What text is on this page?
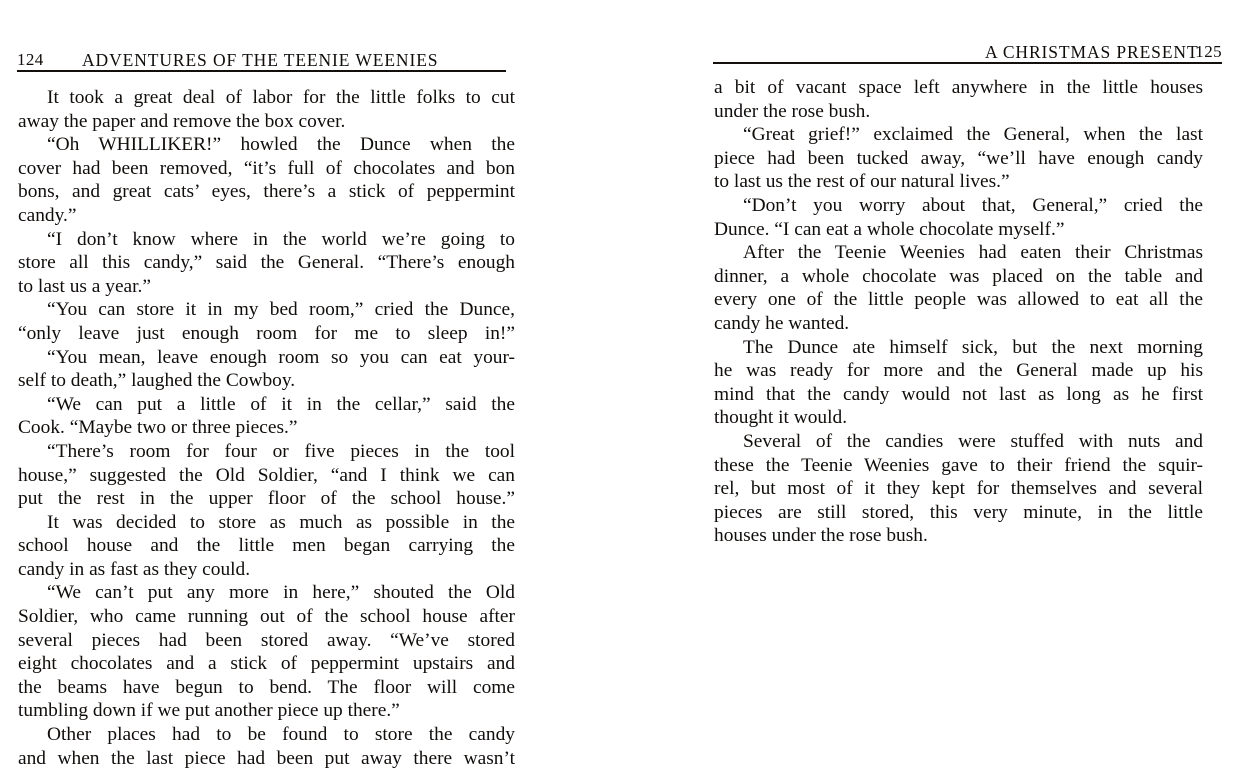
124 ADVENTURES OF THE TEENIE WEENIES
It took a great deal of labor for the little folks to cut
away the paper and remove the box cover.
“Oh WHILLIKER!” howled the Dunce when the
cover had been removed, “it’s full of chocolates and bon
bons, and great cats’ eyes, there’s a stick of peppermint
candy.”
“I don’t know where in the world we’re going to
store all this candy,” said the General. “There’s enough
to last us a year.”
“You can store it in my bed room,” cried the Dunce,
“only leave just enough room for me to sleep in!”
“You mean, leave enough room so you can eat your-
self to death,” laughed the Cowboy.
“We can put a little of it in the cellar,” said the
Cook. “Maybe two or three pieces.”
“There’s room for four or five pieces in the tool
house,” suggested the Old Soldier, “and I think we can
put the rest in the upper floor of the school house.”
It was decided to store as much as possible in the
school house and the little men began carrying the
candy in as fast as they could.
“We can’t put any more in here,” shouted the Old
Soldier, who came running out of the school house after
several pieces had been stored away. “We’ve stored
eight chocolates and a stick of peppermint upstairs and
the beams have begun to bend. The floor will come
tumbling down if we put another piece up there.”
Other places had to be found to store the candy
and when the last piece had been put away there wasn’t
A CHRISTMAS PRESENT
125
a bit of vacant space left anywhere in the little houses
under the rose bush.
“Great grief!” exclaimed the General, when the last
piece had been tucked away, “we’ll have enough candy
to last us the rest of our natural lives.”
“Don’t you worry about that, General,” cried the
Dunce. “I can eat a whole chocolate myself.”
After the Teenie Weenies had eaten their Christmas
dinner, a whole chocolate was placed on the table and
every one of the little people was allowed to eat all the
candy he wanted.
The Dunce ate himself sick, but the next morning
he was ready for more and the General made up his
mind that the candy would not last as long as he first
thought it would.
Several of the candies were stuffed with nuts and
these the Teenie Weenies gave to their friend the squir-
rel, but most of it they kept for themselves and several
pieces are still stored, this very minute, in the little
houses under the rose bush.
